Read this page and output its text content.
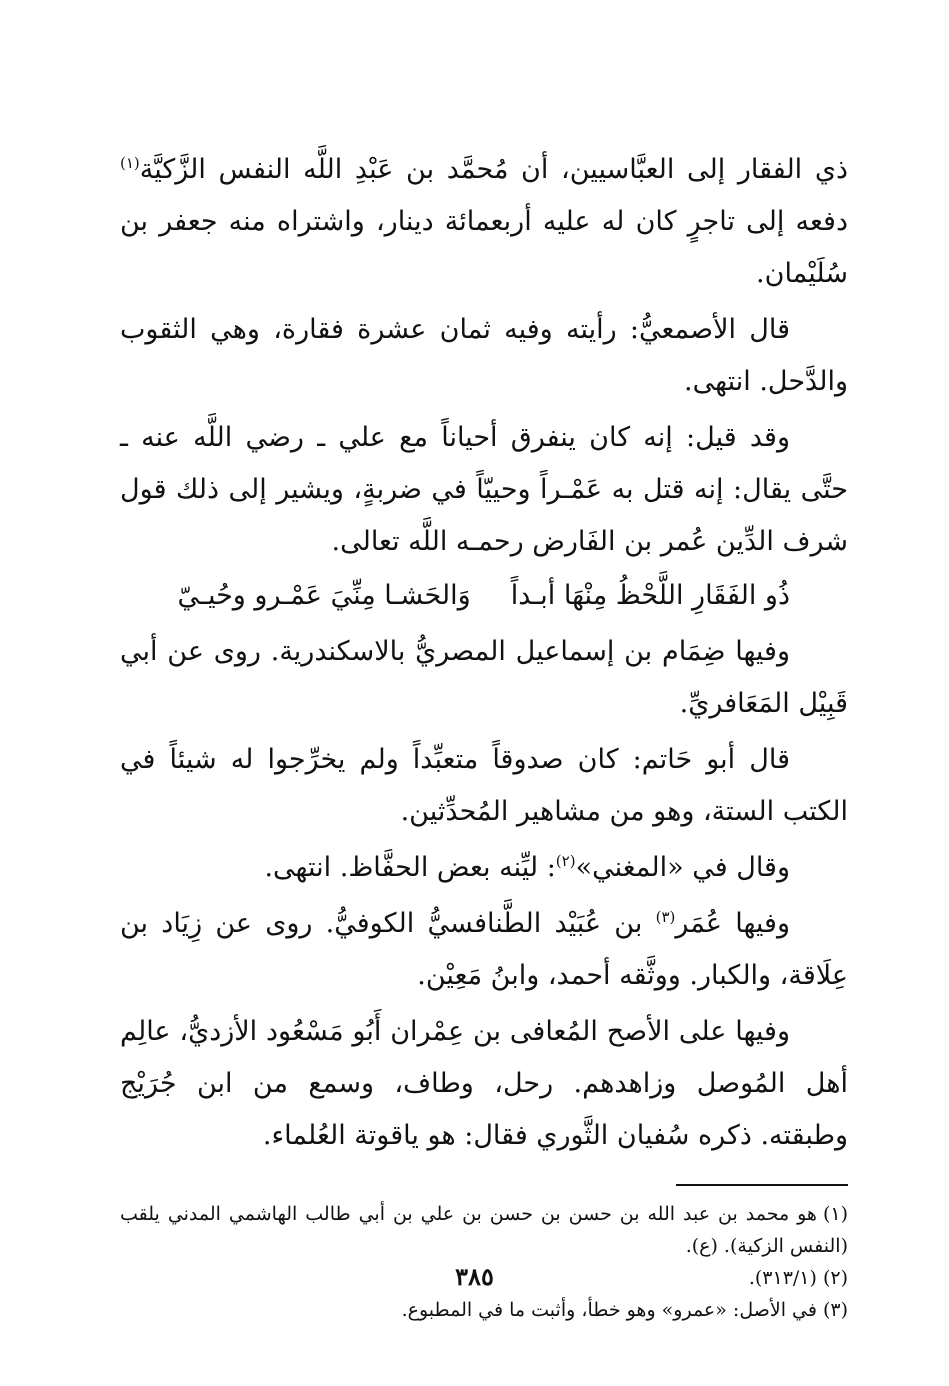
ذي الفقار إلى العبَّاسيين، أن مُحمَّد بن عَبْدِ اللَّه النفس الزَّكيَّة$^{(١)}$ دفعه إلى تاجرٍ كان له عليه أربعمائة دينار، واشتراه منه جعفر بن سُلَيْمان.

قال الأصمعيُّ: رأيته وفيه ثمان عشرة فقارة، وهي الثقوب والدَّحل. انتهى.

وقد قيل: إنه كان ينفرق أحياناً مع علي ـ رضي اللَّه عنه ـ حتَّى يقال: إنه قتل به عَمْـراً وحييّاً في ضربةٍ، ويشير إلى ذلك قول شرف الدِّين عُمر بن الفَارض رحمـه اللَّه تعالى.

ذُو الفَقَارِ اللَّحْظُ مِنْهَا أبـداً
وَالحَشـا مِنِّيَ عَمْـرو وحُيـيّ

وفيها ضِمَام بن إسماعيل المصريُّ بالاسكندرية. روى عن أبي قَبِيْل المَعَافريِّ.

قال أبو حَاتم: كان صدوقاً متعبِّداً ولم يخرِّجوا له شيئاً في الكتب الستة، وهو من مشاهير المُحدِّثين.

وقال في «المغني»$^{(٢)}$: ليِّنه بعض الحفَّاظ. انتهى.

وفيها عُمَر$^{(٣)}$ بن عُبَيْد الطَّنافسيُّ الكوفيُّ. روى عن زِيَاد بن عِلَاقة، والكبار. ووثَّقه أحمد، وابنُ مَعِيْن.

وفيها على الأصح المُعافى بن عِمْران أَبُو مَسْعُود الأزديُّ، عالِم أهل المُوصل وزاهدهم. رحل، وطاف، وسمع من ابن جُرَيْج وطبقته. ذكره سُفيان الثَّوري فقال: هو ياقوتة العُلماء.

(١)هو محمد بن عبد الله بن حسن بن حسن بن علي بن أبي طالب الهاشمي المدني يلقب (النفس الزكية). (ع).

(٢)(٣١٣/١).

(٣)في الأصل: «عمرو» وهو خطأ، وأثبت ما في المطبوع.

٣٨٥
